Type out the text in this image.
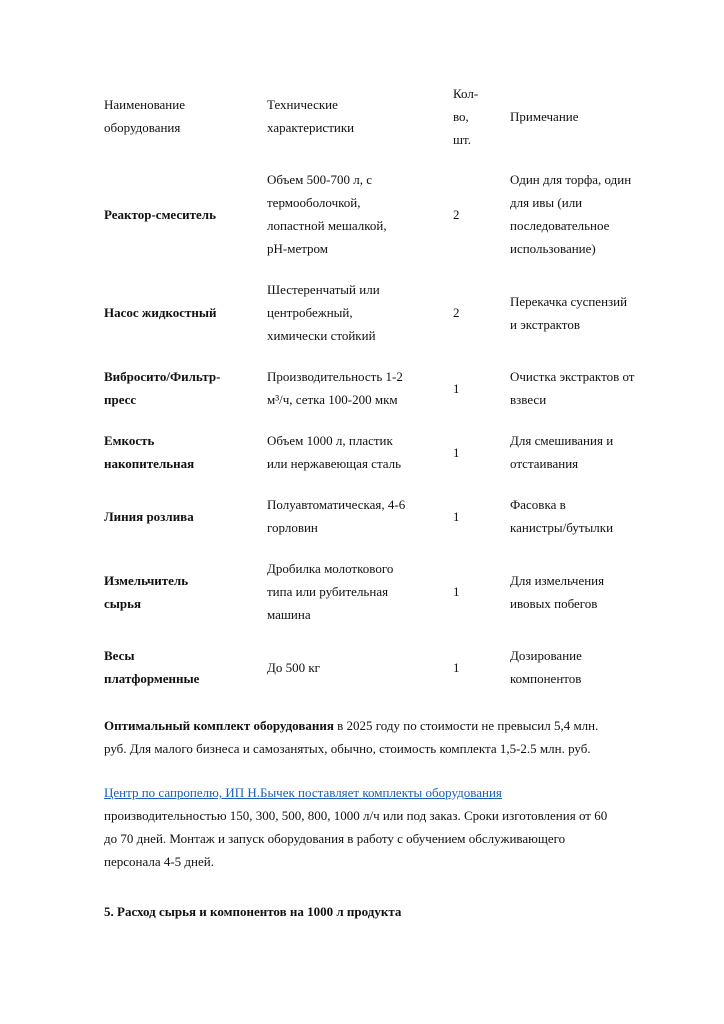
Наименование
оборудования
Технические
характеристики
Кол-
во,
шт.
Примечание
Реактор-смеситель
Объем 500-700 л, с
термооболочкой,
лопастной мешалкой,
pH-метром
2
Один для торфа, один
для ивы (или
последовательное
использование)
Насос жидкостный
Шестеренчатый или
центробежный,
химически стойкий
2
Перекачка суспензий
и экстрактов
Вибросито/Фильтр-
пресс
Производительность 1-2
м³/ч, сетка 100-200 мкм
1
Очистка экстрактов от
взвеси
Емкость
накопительная
Объем 1000 л, пластик
или нержавеющая сталь
1
Для смешивания и
отстаивания
Линия розлива
Полуавтоматическая, 4-6
горловин
1
Фасовка в
канистры/бутылки
Измельчитель
сырья
Дробилка молоткового
типа или рубительная
машина
1
Для измельчения
ивовых побегов
Весы
платформенные
До 500 кг	1
Дозирование
компонентов
Оптимальный комплект оборудования в 2025 году по стоимости не превысил 5,4 млн.
руб. Для малого бизнеса и самозанятых, обычно, стоимость комплекта 1,5-2.5 млн. руб.
Центр по сапропелю, ИП Н.Бычек поставляет комплекты оборудования
производительностью 150, 300, 500, 800, 1000 л/ч или под заказ. Сроки изготовления от 60
до 70 дней. Монтаж и запуск оборудования в работу с обучением обслуживающего
персонала 4-5 дней.
5. Расход сырья и компонентов на 1000 л продукта
